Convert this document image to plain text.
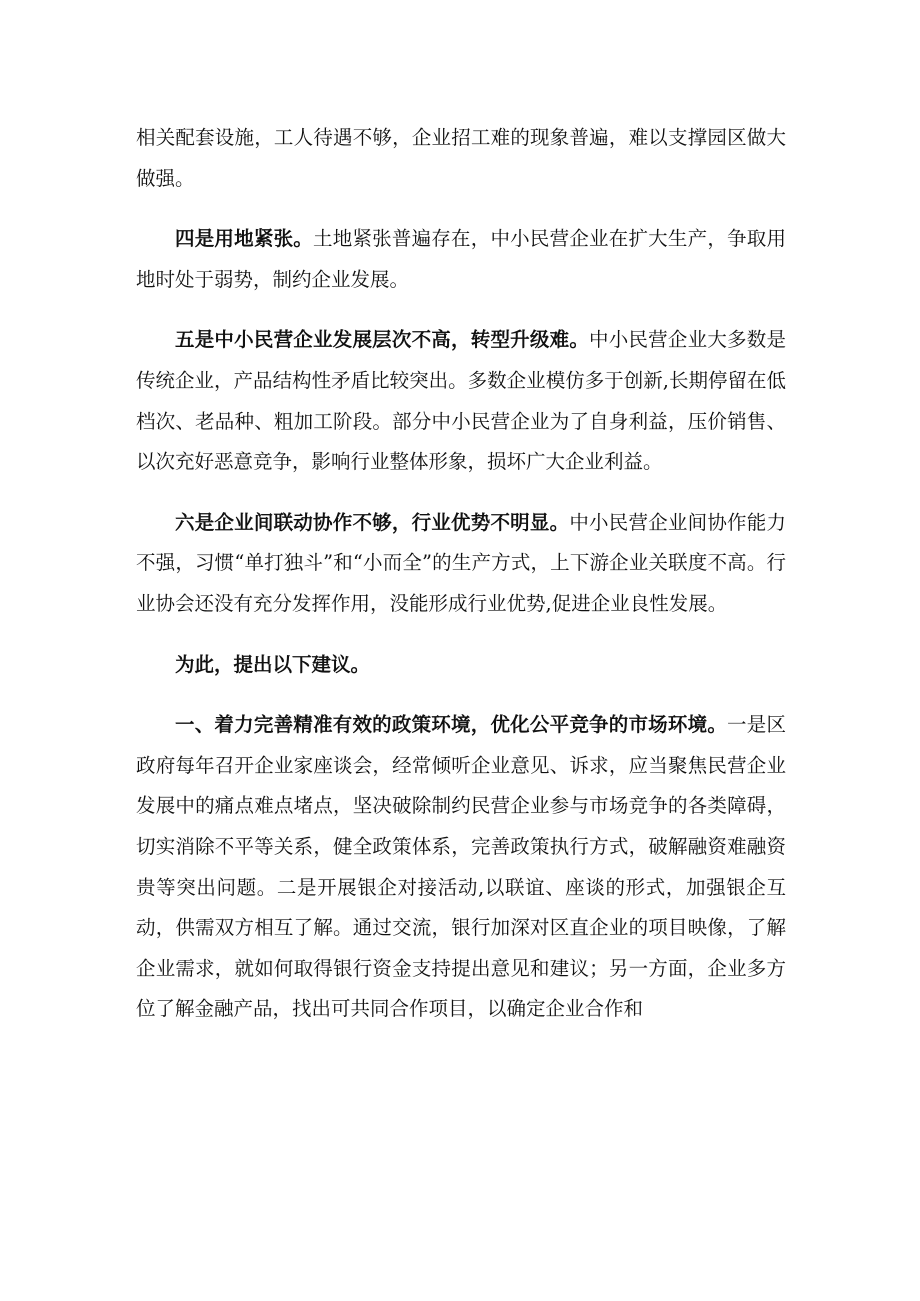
相关配套设施，工人待遇不够，企业招工难的现象普遍，难以支撑园区做大做强。

四是用地紧张。土地紧张普遍存在，中小民营企业在扩大生产，争取用地时处于弱势，制约企业发展。

五是中小民营企业发展层次不高，转型升级难。中小民营企业大多数是传统企业，产品结构性矛盾比较突出。多数企业模仿多于创新,长期停留在低档次、老品种、粗加工阶段。部分中小民营企业为了自身利益，压价销售、以次充好恶意竞争，影响行业整体形象，损坏广大企业利益。

六是企业间联动协作不够，行业优势不明显。中小民营企业间协作能力不强，习惯“单打独斗”和“小而全”的生产方式，上下游企业关联度不高。行业协会还没有充分发挥作用，没能形成行业优势,促进企业良性发展。

为此，提出以下建议。

一、着力完善精准有效的政策环境，优化公平竞争的市场环境。一是区政府每年召开企业家座谈会，经常倾听企业意见、诉求，应当聚焦民营企业发展中的痛点难点堵点，坚决破除制约民营企业参与市场竞争的各类障碍，切实消除不平等关系，健全政策体系，完善政策执行方式，破解融资难融资贵等突出问题。二是开展银企对接活动,以联谊、座谈的形式，加强银企互动，供需双方相互了解。通过交流，银行加深对区直企业的项目映像，了解企业需求，就如何取得银行资金支持提出意见和建议；另一方面，企业多方位了解金融产品，找出可共同合作项目，以确定企业合作和
